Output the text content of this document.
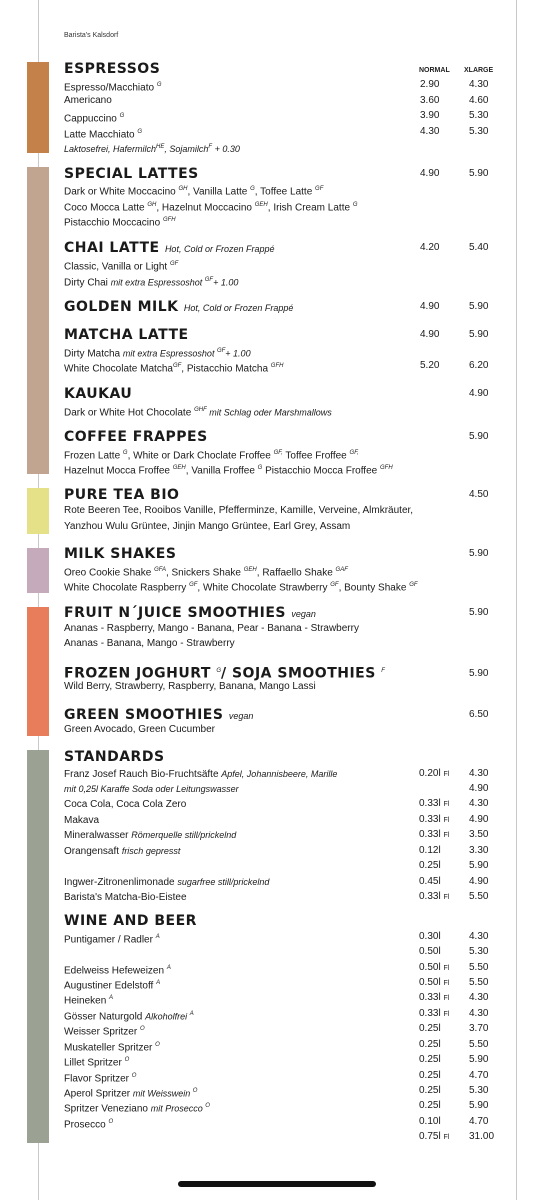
Barista's Kalsdorf
NORMAL XLARGE
ESPRESSOS
Espresso/Macchiato $^G$	2.90	4.30
Americano	3.60	4.60
Cappuccino $^G$	3.90	5.30
Latte Macchiato $^G$	4.30	5.30
Laktosefrei, Hafermilch$^{HE}$, Sojamilch$^F$ + 0.30
SPECIAL LATTES	4.90	5.90
Dark or White Moccacino $^{GH}$, Vanilla Latte $^G$, Toffee Latte $^{GF}$
Coco Mocca Latte $^{GH}$, Hazelnut Moccacino $^{GEH}$, Irish Cream Latte $^G$
Pistacchio Moccacino $^{GFH}$
CHAI LATTE Hot, Cold or Frozen Frappé	4.20	5.40
Classic, Vanilla or Light $^{GF}$
Dirty Chai mit extra Espressoshot $^{GF}$+ 1.00
GOLDEN MILK Hot, Cold or Frozen Frappé	4.90	5.90
MATCHA LATTE	4.90	5.90
Dirty Matcha mit extra Espressoshot $^{GF}$+ 1.00
White Chocolate Matcha$^{GF}$, Pistacchio Matcha $^{GFH}$	5.20	6.20
KAUKAU	4.90
Dark or White Hot Chocolate $^{GHF}$ mit Schlag oder Marshmallows
COFFEE FRAPPES	5.90
Frozen Latte $^G$, White or Dark Choclate Froffee $^{GF,}$ Toffee Froffee $^{GF,}$
Hazelnut Mocca Froffee $^{GEH}$, Vanilla Froffee $^G$ Pistacchio Mocca Froffee $^{GFH}$
PURE TEA BIO	4.50
Rote Beeren Tee, Rooibos Vanille, Pfefferminze, Kamille, Verveine, Almkräuter,
Yanzhou Wulu Grüntee, Jinjin Mango Grüntee, Earl Grey, Assam
MILK SHAKES	5.90
Oreo Cookie Shake $^{GFA}$, Snickers Shake $^{GEH}$, Raffaello Shake $^{GAF}$
White Chocolate Raspberry $^{GF}$, White Chocolate Strawberry $^{GF}$, Bounty Shake $^{GF}$
FRUIT N´JUICE SMOOTHIES vegan	5.90
Ananas - Raspberry, Mango - Banana, Pear - Banana - Strawberry
Ananas - Banana, Mango - Strawberry
FROZEN JOGHURT $^G$/ SOJA SMOOTHIES $^F$	5.90
Wild Berry, Strawberry, Raspberry, Banana, Mango Lassi
GREEN SMOOTHIES vegan	6.50
Green Avocado, Green Cucumber
STANDARDS
Franz Josef Rauch Bio-Fruchtsäfte Apfel, Johannisbeere, Marille	0.20l Fl 4.30
mit 0,25l Karaffe Soda oder Leitungswasser	4.90
Coca Cola, Coca Cola Zero	0.33l Fl 4.30
Makava	0.33l Fl 4.90
Mineralwasser Römerquelle still/prickelnd	0.33l Fl 3.50
Orangensaft frisch gepresst	0.12l	3.30
0.25l	5.90
Ingwer-Zitronenlimonade sugarfree still/prickelnd	0.45l	4.90
Barista's Matcha-Bio-Eistee	0.33l Fl 5.50
WINE AND BEER
Puntigamer / Radler $^A$	0.30l	4.30
0.50l	5.30
Edelweiss Hefeweizen $^A$	0.50l Fl 5.50
Augustiner Edelstoff $^A$	0.50l Fl 5.50
Heineken $^A$	0.33l Fl 4.30
Gösser Naturgold Alkoholfrei $^A$	0.33l Fl 4.30
Weisser Spritzer $^O$	0.25l	3.70
Muskateller Spritzer $^O$	0.25l	5.50
Lillet Spritzer $^O$	0.25l	5.90
Flavor Spritzer $^O$	0.25l	4.70
Aperol Spritzer mit Weisswein $^O$	0.25l	5.30
Spritzer Veneziano mit Prosecco $^O$	0.25l	5.90
Prosecco $^O$	0.10l	4.70
0.75l Fl 31.00
